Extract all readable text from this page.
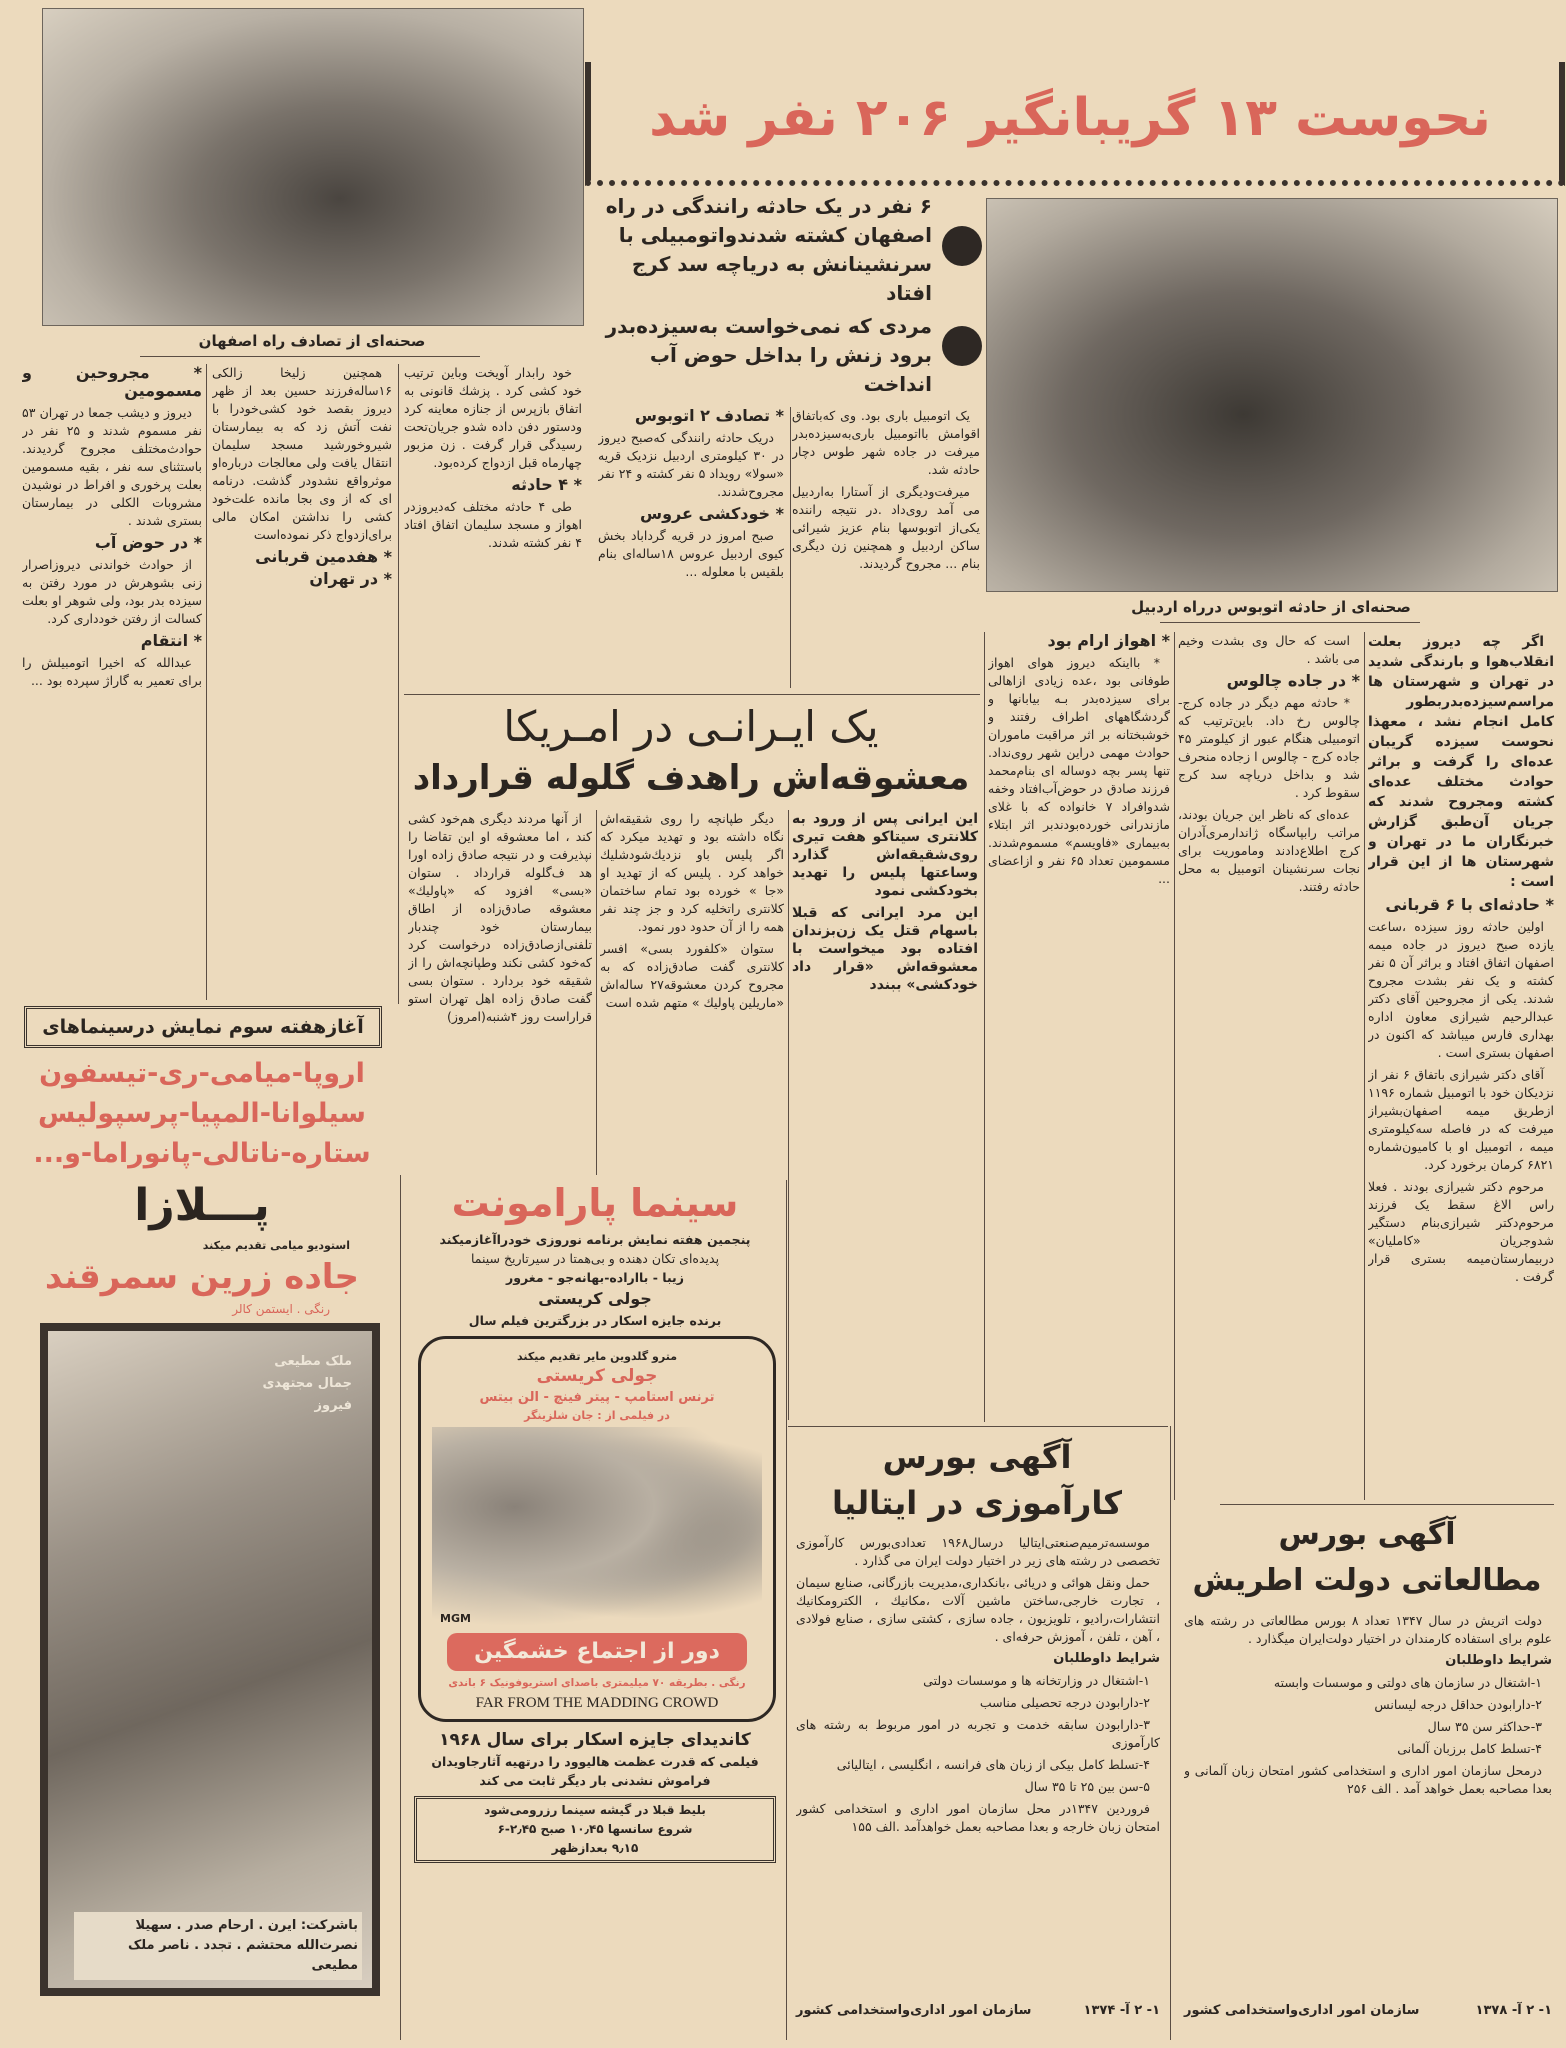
صحنه‌ای از تصادف راه اصفهان
نحوست ۱۳ گریبانگیر ۲۰۶ نفر شد
۶ نفر در یک حادثه رانندگی در راه اصفهان کشته شدندواتومبیلی با سرنشینانش به دریاچه سد کرج افتاد
مردی که نمی‌خواست به‌سیزده‌بدر برود زنش را بداخل حوض آب انداخت
صحنه‌ای از حادثه اتوبوس درراه اردبیل

خود رابدار آویخت وباین ترتیب خود کشی کرد . پزشك قانونی به اتفاق بازپرس از جنازه معاینه کرد ودستور دفن داده شدو جریان‌تحت رسیدگی قرار گرفت . زن مزبور چهارماه قبل ازدواج کرده‌بود.

* ۴ حادثه

طی ۴ حادثه مختلف که‌دیروزدر اهواز و مسجد سلیمان اتفاق افتاد ۴ نفر کشته شدند.

همچنین زلیخا زالکی ۱۶ساله‌فرزند حسین بعد از ظهر دیروز بقصد خود کشی‌خودرا با نفت آتش زد که به بیمارستان شیروخورشید مسجد سلیمان انتقال یافت ولی معالجات درباره‌او موثرواقع نشدودر گذشت. درنامه ای که از وی بجا مانده علت‌خود کشی را نداشتن امکان مالی برای‌ازدواج ذکر نموده‌است

* هفدمین قربانی

* در تهران

* مجروحین و مسمومین

دیروز و دیشب جمعا در تهران ۵۳ نفر مسموم شدند و ۲۵ نفر در حوادث‌مختلف مجروح گردیدند. باستثنای سه نفر ، بقیه مسمومین بعلت پرخوری و افراط در نوشیدن مشروبات الکلی در بیمارستان بستری شدند .

* در حوض آب

از حوادث خواندنی دیروزاصرار زنی بشوهرش در مورد رفتن به سیزده بدر بود، ولی شوهر او بعلت کسالت از رفتن خودداری کرد.

* انتقام

عبدالله که اخیرا اتومبیلش را برای تعمیر به گاراژ سپرده بود ...

یک اتومبیل باری بود. وی که‌باتفاق اقوامش بااتومبیل باری‌به‌سیزده‌بدر میرفت در جاده شهر طوس دچار حادثه شد.

میرفت‌ودیگری از آستارا به‌اردبیل می آمد روی‌داد .در نتیجه راننده یکی‌از اتوبوسها بنام عزیز شیرائی ساکن اردبیل و همچنین زن دیگری بنام ... مجروح گردیدند.

* تصادف ۲ اتوبوس

دریک حادثه رانندگی که‌صبح دیروز در ۳۰ کیلومتری اردبیل نزدیک قریه «سولا» رویداد ۵ نفر کشته و ۲۴ نفر مجروح‌شدند.

* خودکشی عروس

صبح امروز در قریه گرداباد بخش کیوی اردبیل عروس ۱۸ساله‌ای بنام بلقیس‌ با معلوله ...

اگر چه دیروز بعلت انقلاب‌هوا و بارندگی شدید در تهران و شهرستان ها مراسم‌سیزده‌بدربطور کامل انجام نشد ، معهذا نحوست سیزده گریبان عده‌ای را گرفت و براثر حوادث مختلف عده‌ای کشته ومجروح شدند که جریان آن‌طبق گزارش خبرنگاران ما در تهران و شهرستان ها از این قرار است :

* حادثه‌ای با ۶ قربانی

اولین حادثه روز سیزده ،ساعت یازده صبح دیروز در جاده میمه اصفهان اتفاق افتاد و براثر آن ۵ نفر کشته و یک نفر بشدت مجروح شدند. یکی از مجروحین آقای دکتر عبدالرحیم شیرازی معاون اداره بهداری فارس میباشد که اکنون در اصفهان بستری است .

آقای دکتر شیرازی باتفاق ۶ نفر از نزدیکان خود با اتومبیل شماره ۱۱۹۶ ازطریق میمه اصفهان‌بشیراز میرفت که در فاصله سه‌کیلومتری میمه ، اتومبیل او با کامیون‌شماره ۶۸۲۱ کرمان برخورد کرد.

مرحوم دکتر شیرازی بودند . فعلا راس الاغ سقط یک فرزند مرحوم‌دکتر شیرازی‌بنام دستگیر شدوجریان «کاملیان» دربیمارستان‌میمه بستری قرار گرفت .

است که حال وی بشدت وخیم می باشد .

* در جاده چالوس

* حادثه مهم دیگر در جاده کرج- چالوس رخ داد. باین‌ترتیب که اتومبیلی هنگام عبور از کیلومتر ۴۵ جاده کرج - چالوس ا زجاده منحرف شد و بداخل دریاچه سد کرج سقوط کرد .

عده‌ای که ناظر این جریان بودند، مراتب رابپاسگاه ژاندارمری‌آدران کرج اطلاع‌دادند وماموریت برای نجات سرنشینان اتومبیل به محل حادثه رفتند.

* اهواز ارام بود

* بااینکه دیروز هوای اهواز طوفانی بود ،عده زیادی ازاهالی برای سیزده‌بدر بـه بیابانها و گردشگاههای اطراف رفتند و خوشبختانه بر اثر مراقبت ماموران حوادث مهمی دراین شهر روی‌نداد. تنها پسر بچه دوساله ای بنام‌محمد فرزند صادق در حوض‌آب‌افتاد وخفه شدوافراد ۷ خانواده که با غلاى مازندرانی خورده‌بودندبر اثر ابتلاء به‌بیماری «فاویسم» مسموم‌شدند. مسمومین تعداد ۶۵ نفر و ازاعضای ...

یک ایـرانـی در امـریکا
معشوقه‌اش راهدف گلوله قرارداد

این ایرانی پس از ورود به کلانتری سیتاکو هفت تیری روی‌شقیقه‌اش گذارد وساعتها پلیس را تهدید بخودکشی نمود

این مرد ایرانی که قبلا باسهام قتل یک زن‌بزندان افتاده بود میخواست با معشوقه‌اش «قرار داد خودکشی» ببندد

دیگر طپانچه را روی شقیقه‌اش نگاه داشته بود و تهدید میکرد که اگر پلیس باو نزدیك‌شودشلیك خواهد کرد . پلیس که از تهدید او «جا » خورده بود تمام ساختمان کلانتری راتخلیه کرد و جز چند نفر همه را از آن حدود دور نمود.

ستوان «کلفورد بسی» افسر کلانتری گفت صادق‌زاده که به مجروح کردن معشوقه۲۷ ساله‌اش «ماریلین پاولیك » متهم شده است

از آنها مردند دیگری هم‌خود کشی کند ، اما معشوقه او این تقاضا را نپذیرفت و در نتیجه صادق زاده اورا هد ف‌گلوله قرارداد . ستوان «بسی» افزود که «پاولیك» معشوقه صادق‌زاده از اطاق بیمارستان خود چندبار تلفنی‌ازصادق‌زاده درخواست کرد که‌خود کشی نکند وطپانچه‌اش را از شقیقه خود بردارد . ستوان بسی گفت صادق زاده اهل تهران استو قراراست روز ۴شنبه(امروز)

آغازهفته سوم نمایش درسینماهای
اروپا-میامی-ری-تیسفون
سیلوانا-المپیا-پرسپولیس
ستاره-ناتالی-پانوراما-و...
پـــلازا
استودیو میامی تقدیم میکند
جاده زرین سمرقند
رنگی . ایستمن کالر
ملک مطیعی
جمال مجتهدی
فیروز
باشرکت: ایرن . ارحام صدر . سهیلا
نصرت‌الله محتشم . تجدد . ناصر ملک مطیعی
سینما پارامونت
پنجمین هفته نمایش برنامه نوروزی خودراآغازمیکند
پدیده‌ای تکان دهنده و بی‌همتا در سیرتاریخ سینما
زیبا - بااراده-بهانه‌جو - مغرور
جولی کریستی
برنده جایزه اسکار در بزرگترین فیلم سال
مترو گلدوین مایر تقدیم میکند
جولی کریستی
ترنس استامپ - پیتر فینچ - الن بیتس
در فیلمی از : جان شلزینگر
MGM
دور از اجتماع خشمگین
رنگی . بطریقه ۷۰ میلیمتری باصدای استریوفونیک ۶ باندی
FAR FROM THE MADDING CROWD
کاندیدای جایزه اسکار برای سال ۱۹۶۸
فیلمی که قدرت عظمت هالیوود را درتهیه آثارجاویدان
فراموش نشدنی بار دیگر ثابت می کند
بلیط قبلا در گیشه سینما رزرومی‌شود
شروع سانسها ۱۰٫۴۵ صبح ۲٫۴۵-۶
۹٫۱۵ بعدازظهر
آگهی بورس
کارآموزی در ایتالیا

موسسه‌ترمیم‌صنعتی‌ایتالیا درسال۱۹۶۸ تعدادی‌بورس کارآموزی تخصصی در رشته های زیر در اختیار دولت ایران می گذارد .

حمل ونقل هوائی و دریائی ،بانکداری،مدیریت بازرگانی، صنایع سیمان ، تجارت خارجی،ساختن ماشین آلات ،مکانیك ، الکترومکانیك انتشارات،رادیو ، تلویزیون ، جاده سازی ، کشتی سازی ، صنایع فولادی ، آهن ، تلفن ، آموزش حرفه‌ای .

شرایط داوطلبان

۱-اشتغال در وزارتخانه ها و موسسات دولتی

۲-دارابودن درجه تحصیلی مناسب

۳-دارابودن سابقه خدمت و تجربه در امور مربوط به رشته های کارآموزی

۴-تسلط کامل بیکی از زبان های فرانسه ، انگلیسی ، ایتالیائی

۵-سن بین ۲۵ تا ۳۵ سال

فروردین ۱۳۴۷در محل سازمان امور اداری و استخدامی کشور امتحان زبان خارجه و بعدا مصاحبه بعمل خواهدآمد .الف ۱۵۵

۱- ۲ آ- ۱۳۷۴
سازمان امور اداری‌واستخدامی کشور
آگهی بورس
مطالعاتی دولت اطریش

دولت اتریش در سال ۱۳۴۷ تعداد ۸ بورس مطالعاتی در رشته های علوم برای استفاده کارمندان در اختیار دولت‌ایران میگذارد .

شرایط داوطلبان

۱-اشتغال در سازمان های دولتی و موسسات وابسته

۲-دارابودن حداقل درجه لیسانس

۳-حداکثر سن ۳۵ سال

۴-تسلط کامل برزبان آلمانی

درمحل سازمان امور اداری و استخدامی کشور امتحان زبان آلمانی و بعدا مصاحبه بعمل خواهد آمد . الف ۲۵۶

۱- ۲ آ- ۱۳۷۸
سازمان امور اداری‌واستخدامی کشور
